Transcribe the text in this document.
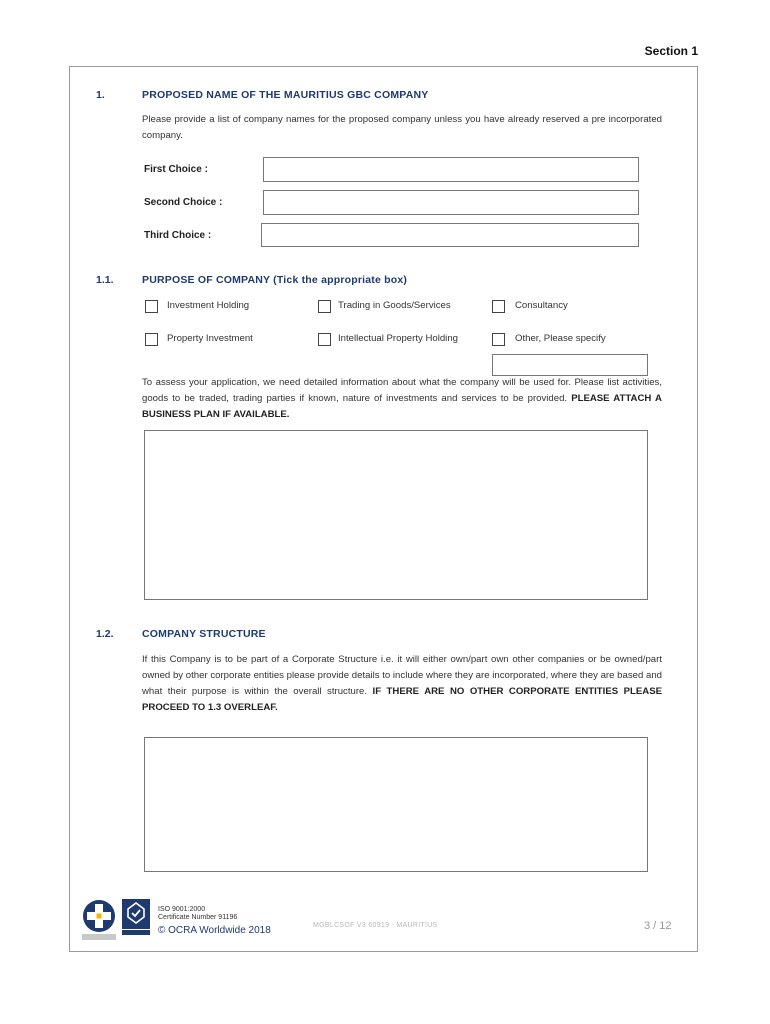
Section 1
1.	PROPOSED NAME OF THE MAURITIUS GBC COMPANY
Please provide a list of company names for the proposed company unless you have already reserved a pre incorporated company.
First Choice :
Second Choice :
Third Choice :
1.1.	PURPOSE OF COMPANY (Tick the appropriate box)
Investment Holding	Trading in Goods/Services	Consultancy
Property Investment	Intellectual Property Holding	Other, Please specify
To assess your application, we need detailed information about what the company will be used for. Please list activities, goods to be traded, trading parties if known, nature of investments and services to be provided. PLEASE ATTACH A BUSINESS PLAN IF AVAILABLE.
1.2.	COMPANY STRUCTURE
If this Company is to be part of a Corporate Structure i.e. it will either own/part own other companies or be owned/part owned by other corporate entities please provide details to include where they are incorporated, where they are based and what their purpose is within the overall structure. IF THERE ARE NO OTHER CORPORATE ENTITIES PLEASE PROCEED TO 1.3 OVERLEAF.
ISO 9001:2000
Certificate Number 91196
© OCRA Worldwide 2018	MGBLCSOF V3 60919 - MAURITIUS	3 / 12
